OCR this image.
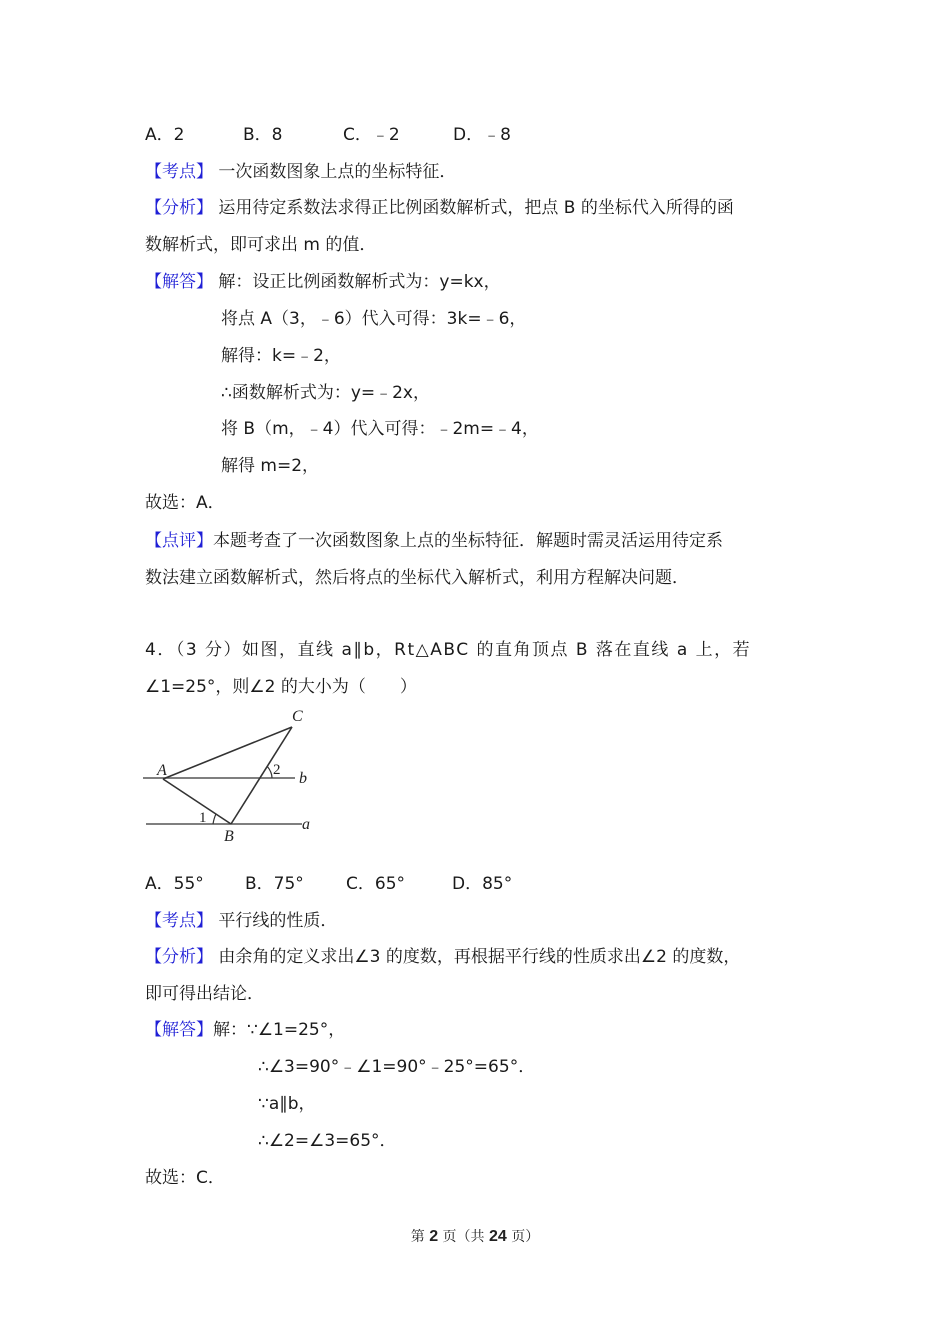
A．2	B．8	C．﹣2	D．﹣8
【考点】 一次函数图象上点的坐标特征．
【分析】 运用待定系数法求得正比例函数解析式，把点 B 的坐标代入所得的函
数解析式，即可求出 m 的值．
【解答】 解：设正比例函数解析式为：y=kx，
将点 A（3，﹣6）代入可得：3k=﹣6，
解得：k=﹣2，
∴函数解析式为：y=﹣2x，
将 B（m，﹣4）代入可得：﹣2m=﹣4，
解得 m=2，
故选：A．
【点评】本题考查了一次函数图象上点的坐标特征．解题时需灵活运用待定系
数法建立函数解析式，然后将点的坐标代入解析式，利用方程解决问题．
4．（3 分）如图，直线 a∥b，Rt△ABC 的直角顶点 B 落在直线 a 上，若
∠1=25°，则∠2 的大小为（　　）
C
A
B
b
a
1
2
A．55° B．75° C．65°	D．85°
【考点】 平行线的性质．
【分析】 由余角的定义求出∠3 的度数，再根据平行线的性质求出∠2 的度数，
即可得出结论．
【解答】解：∵∠1=25°，
∴∠3=90°﹣∠1=90°﹣25°=65°．
∵a∥b，
∴∠2=∠3=65°．
故选：C．
第 2 页（共 24 页）
